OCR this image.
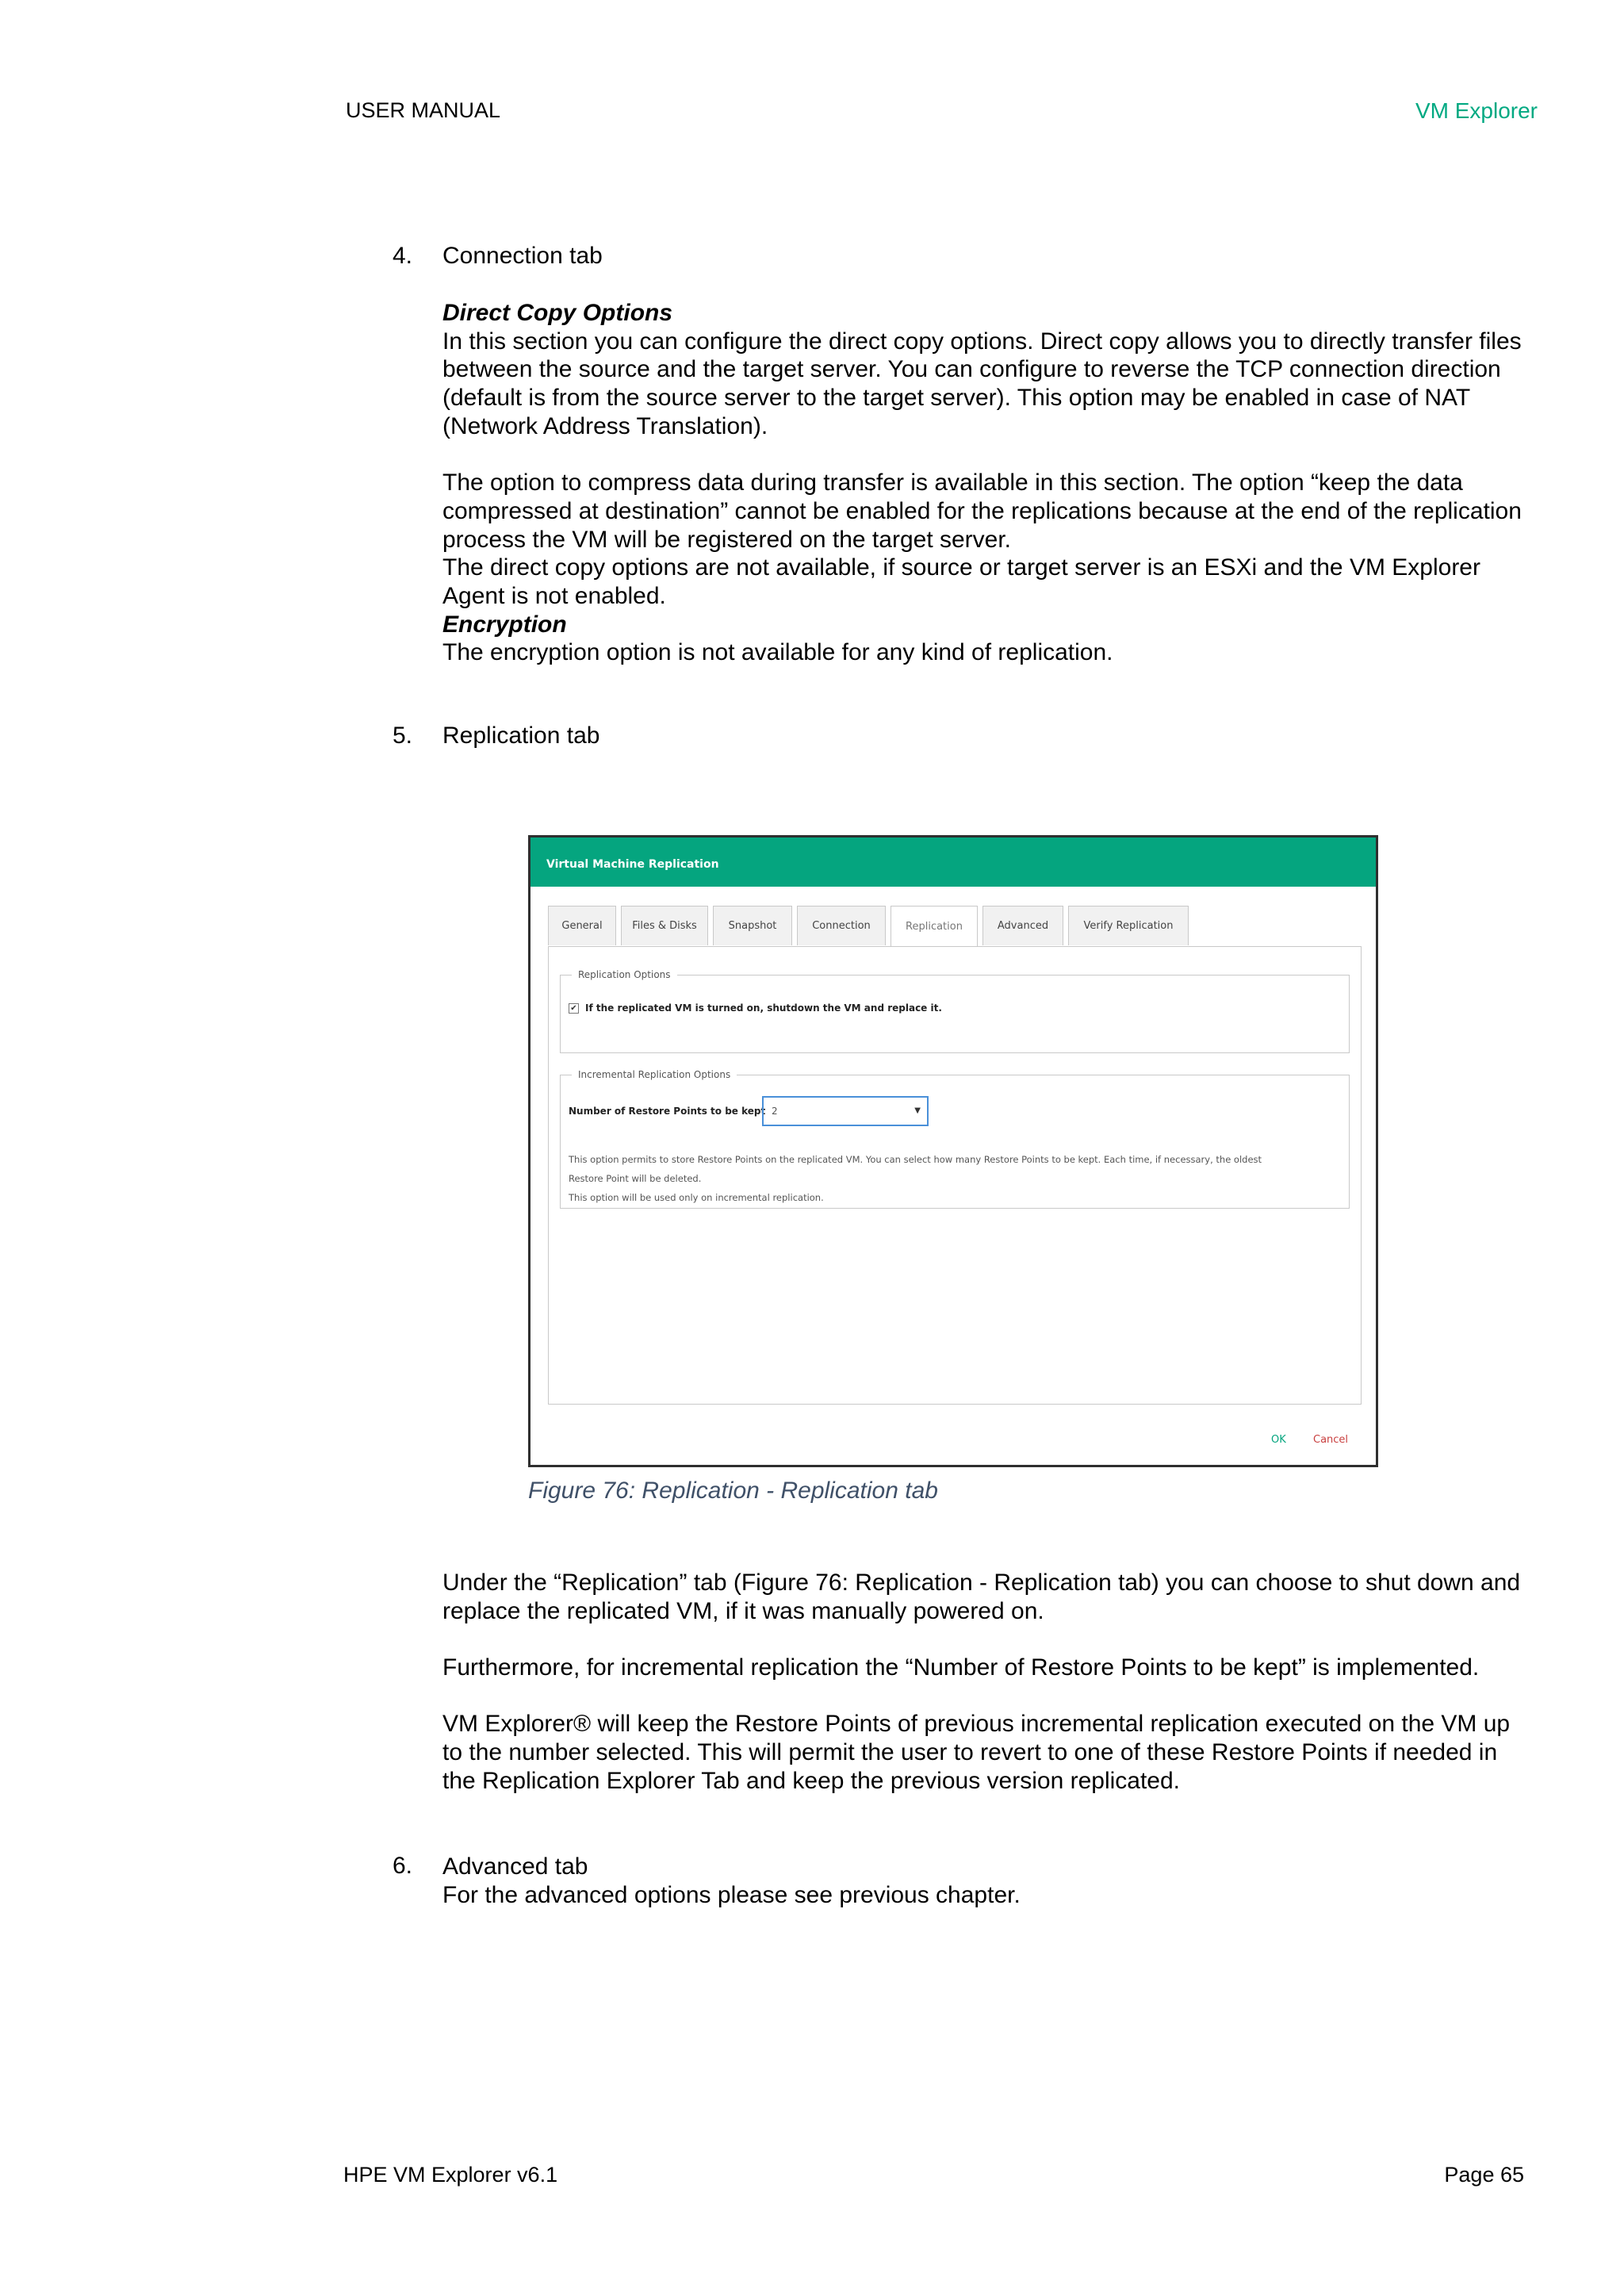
USER MANUAL	VM Explorer
4. Connection tab

Direct Copy Options

In this section you can configure the direct copy options. Direct copy allows you to directly transfer files between the source and the target server. You can configure to reverse the TCP connection direction (default is from the source server to the target server). This option may be enabled in case of NAT (Network Address Translation).

The option to compress data during transfer is available in this section. The option “keep the data compressed at destination” cannot be enabled for the replications because at the end of the replication process the VM will be registered on the target server.

The direct copy options are not available, if source or target server is an ESXi and the VM Explorer Agent is not enabled.

Encryption

The encryption option is not available for any kind of replication.

5. Replication tab
Virtual Machine Replication
General	Files & Disks	Snapshot	Connection	Replication	Advanced	Verify Replication
Replication Options
✔ If the replicated VM is turned on, shutdown the VM and replace it.
Incremental Replication Options
Number of Restore Points to be kept 2	▼
This option permits to store Restore Points on the replicated VM. You can select how many Restore Points to be kept. Each time, if necessary, the oldest
Restore Point will be deleted.
This option will be used only on incremental replication.
OK	Cancel
Figure 76: Replication - Replication tab

Under the “Replication” tab (Figure 76: Replication - Replication tab) you can choose to shut down and replace the replicated VM, if it was manually powered on.

Furthermore, for incremental replication the “Number of Restore Points to be kept” is implemented.

VM Explorer® will keep the Restore Points of previous incremental replication executed on the VM up to the number selected. This will permit the user to revert to one of these Restore Points if needed in the Replication Explorer Tab and keep the previous version replicated.

6. Advanced tab

For the advanced options please see previous chapter.

HPE VM Explorer v6.1	Page 65
